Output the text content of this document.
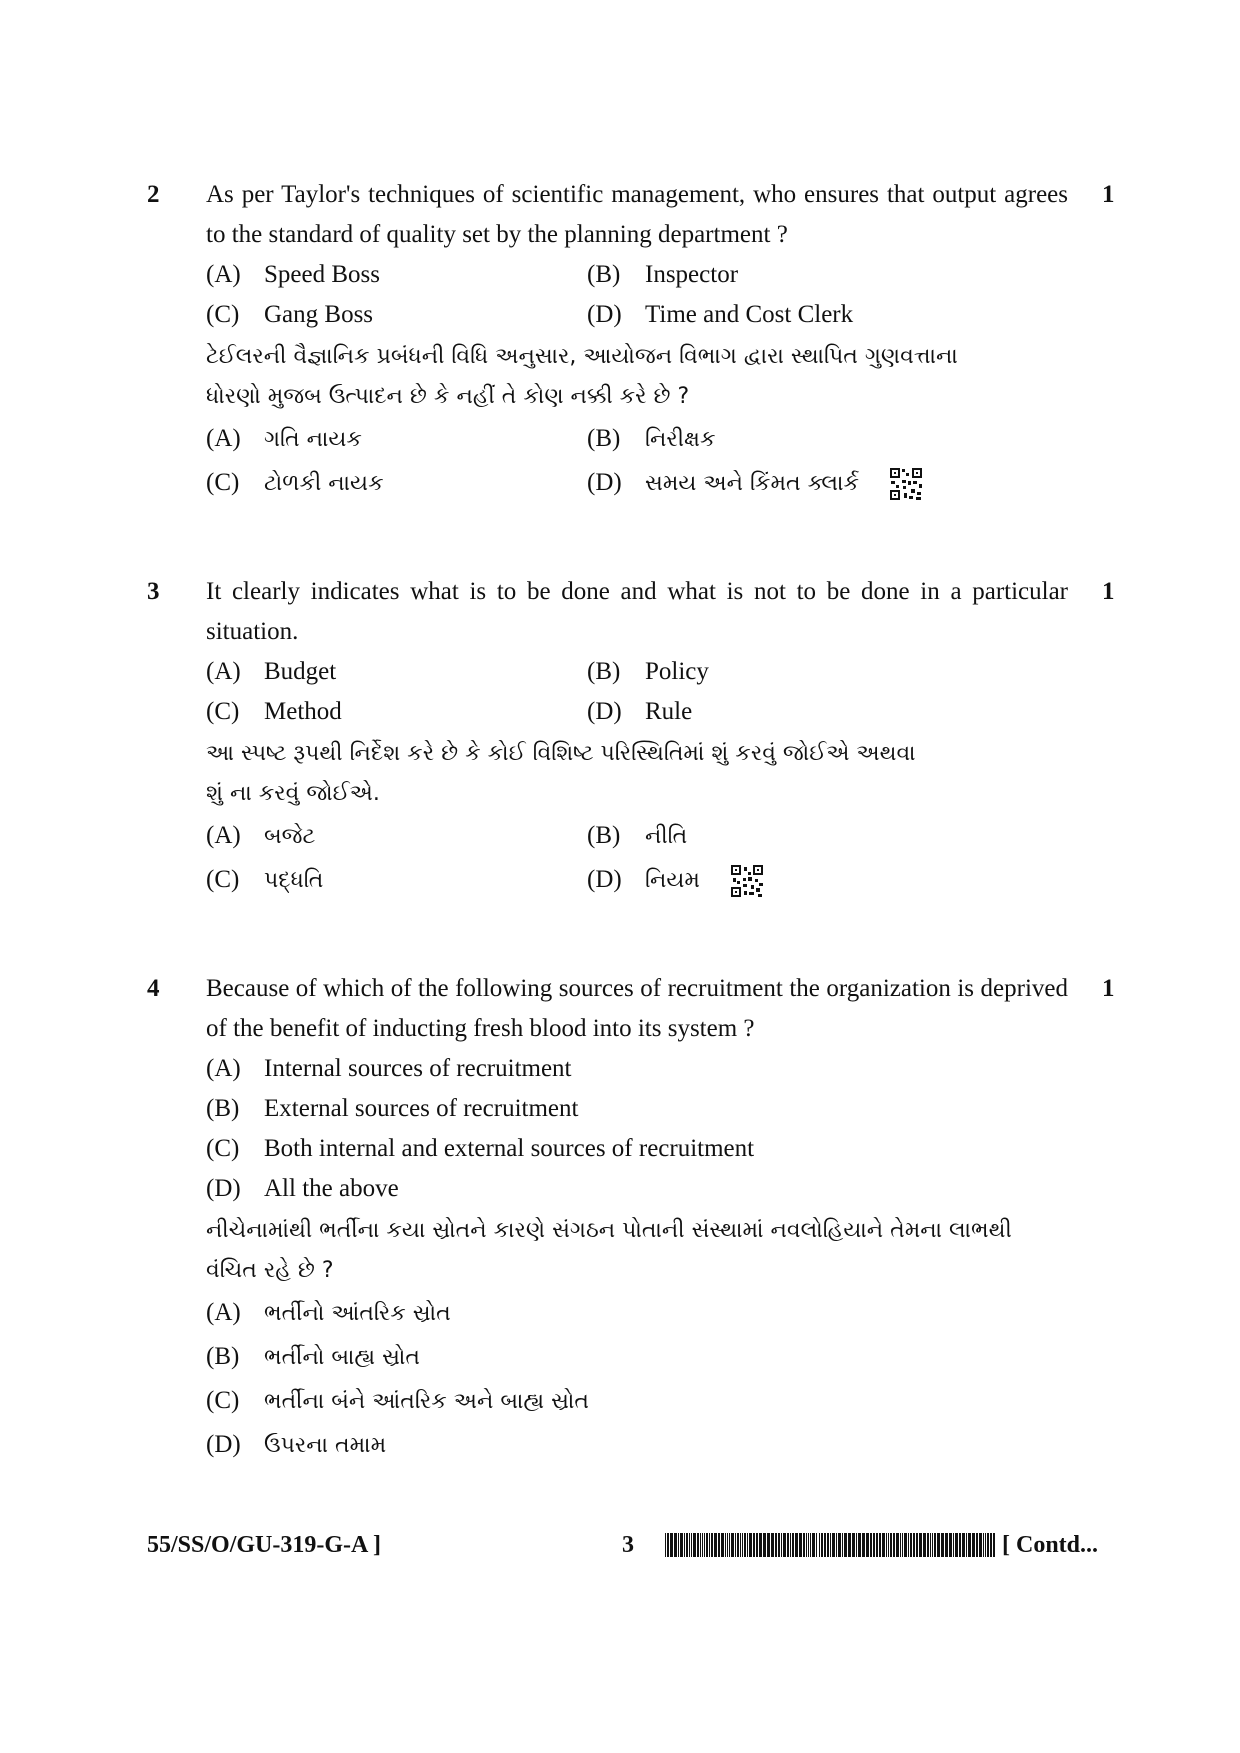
2 As per Taylor's techniques of scientific management, who ensures that output agrees to the standard of quality set by the planning department ?
1
(A) Speed Boss	(B) Inspector
(C) Gang Boss	(D) Time and Cost Clerk
ટેઈલરની વૈજ્ઞાનિક પ્રબંધની વિધિ અનુસાર, આયોજન વિભાગ દ્વારા સ્થાપિત ગુણવત્તાના
ધોરણો મુજબ ઉત્પાદન છે કે નહીં તે કોણ નક્કી કરે છે ?
(A) ગતિ નાયક	(B) નિરીક્ષક
(C) ટોળકી નાયક	(D) સમય અને કિંમત ક્લાર્ક
3 It clearly indicates what is to be done and what is not to be done in a particular situation.
1
(A) Budget	(B) Policy
(C) Method	(D) Rule
આ સ્પષ્ટ રૂપથી નિર્દેશ કરે છે કે કોઈ વિશિષ્ટ પરિસ્થિતિમાં શું કરવું જોઈએ અથવા
શું ના કરવું જોઈએ.
(A) બજેટ	(B) નીતિ
(C) પદ્ધતિ	(D) નિયમ
4 Because of which of the following sources of recruitment the organization is deprived of the benefit of inducting fresh blood into its system ?
1
(A) Internal sources of recruitment
(B) External sources of recruitment
(C) Both internal and external sources of recruitment
(D) All the above
નીચેનામાંથી ભર્તીના કયા સ્રોતને કારણે સંગઠન પોતાની સંસ્થામાં નવલોહિયાને તેમના લાભથી
વંચિત રહે છે ?
(A) ભર્તીનો આંતરિક સ્રોત
(B) ભર્તીનો બાહ્ય સ્રોત
(C) ભર્તીના બંને આંતરિક અને બાહ્ય સ્રોત
(D) ઉપરના તમામ
55/SS/O/GU-319-G-A ]	3	[ Contd...
